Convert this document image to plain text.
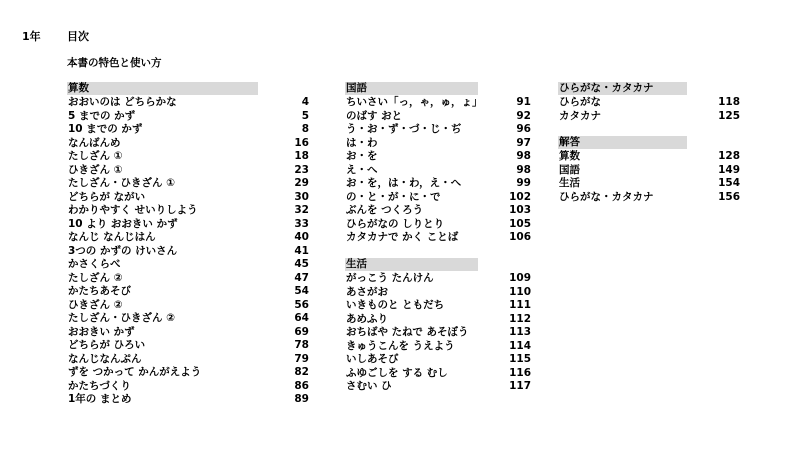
1年 目次
本書の特色と使い方
算数
おおいのは どちらかな	4
5 までの かず	5
10 までの かず	8
なんばんめ	16
たしざん ①	18
ひきざん ①	23
たしざん・ひきざん ①	29
どちらが ながい	30
わかりやすく せいりしよう	32
10 より おおきい かず	33
なんじ なんじはん	40
3つの かずの けいさん	41
かさくらべ	45
たしざん ②	47
かたちあそび	54
ひきざん ②	56
たしざん・ひきざん ②	64
おおきい かず	69
どちらが ひろい	78
なんじなんぷん	79
ずを つかって かんがえよう	82
かたちづくり	86
1年の まとめ	89
国語
ちいさい「っ，ゃ，ゅ，ょ」	91
のばす おと	92
う・お・ず・づ・じ・ぢ	96
は・わ	97
お・を	98
え・へ	98
お・を，は・わ，え・へ	99
の・と・が・に・で	102
ぶんを つくろう	103
ひらがなの しりとり	105
カタカナで かく ことば	106
生活
がっこう たんけん	109
あさがお	110
いきものと ともだち	111
あめふり	112
おちばや たねで あそぼう	113
きゅうこんを うえよう	114
いしあそび	115
ふゆごしを する むし	116
さむい ひ	117
ひらがな・カタカナ
ひらがな	118
カタカナ	125
解答
算数	128
国語	149
生活	154
ひらがな・カタカナ	156
